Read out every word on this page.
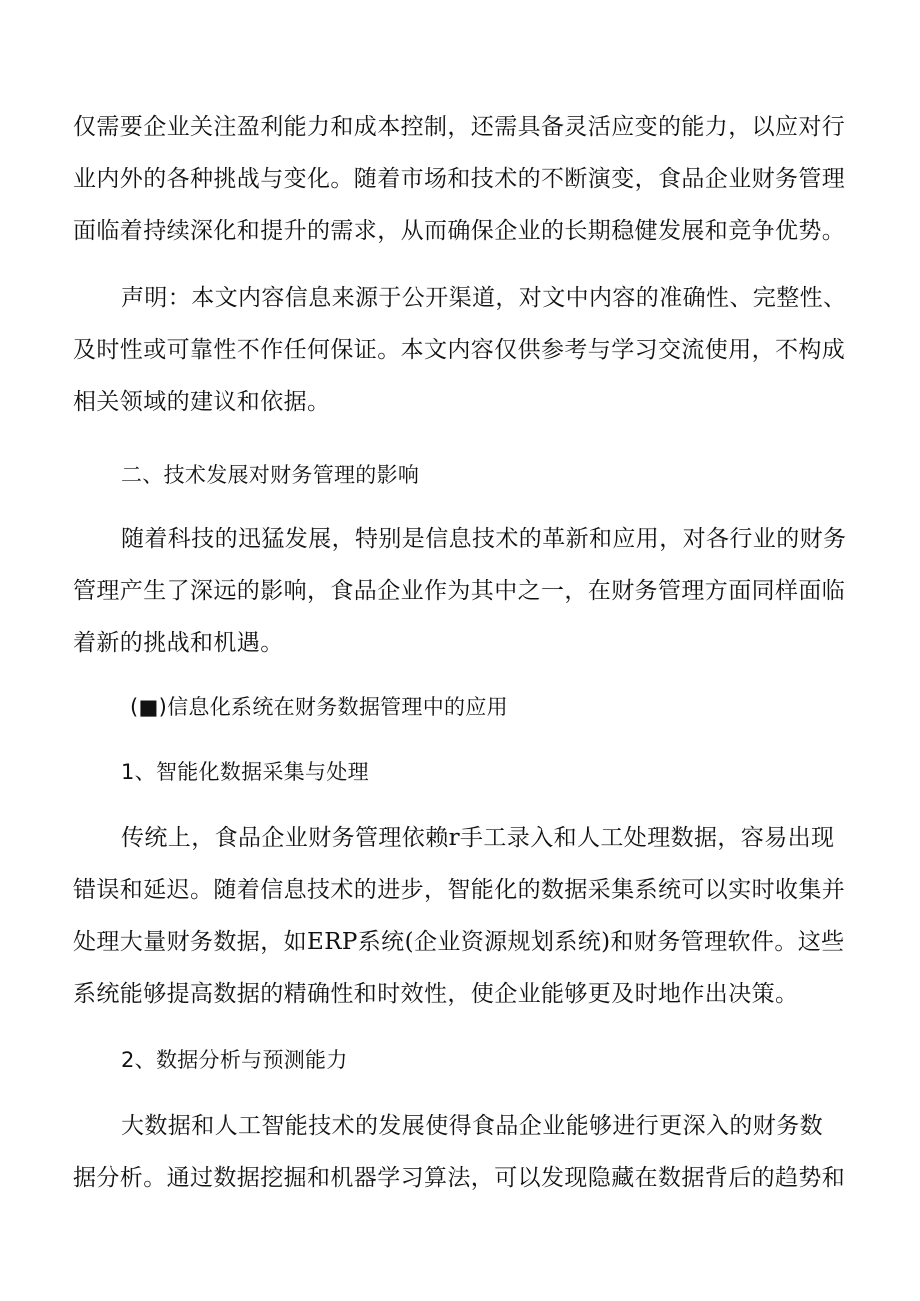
仅需要企业关注盈利能力和成本控制，还需具备灵活应变的能力，以应对行
业内外的各种挑战与变化。随着市场和技术的不断演变，食品企业财务管理
面临着持续深化和提升的需求，从而确保企业的长期稳健发展和竞争优势。
声明：本文内容信息来源于公开渠道，对文中内容的准确性、完整性、
及时性或可靠性不作任何保证。本文内容仅供参考与学习交流使用，不构成
相关领域的建议和依据。
二、技术发展对财务管理的影响
随着科技的迅猛发展，特别是信息技术的革新和应用，对各行业的财务
管理产生了深远的影响，食品企业作为其中之一，在财务管理方面同样面临
着新的挑战和机遇。
(■)信息化系统在财务数据管理中的应用
1、智能化数据采集与处理
传统上，食品企业财务管理依赖r手工录入和人工处理数据，容易出现
错误和延迟。随着信息技术的进步，智能化的数据采集系统可以实时收集并
处理大量财务数据，如ERP系统(企业资源规划系统)和财务管理软件。这些
系统能够提高数据的精确性和时效性，使企业能够更及时地作出决策。
2、数据分析与预测能力
大数据和人工智能技术的发展使得食品企业能够进行更深入的财务数
据分析。通过数据挖掘和机器学习算法，可以发现隐藏在数据背后的趋势和
